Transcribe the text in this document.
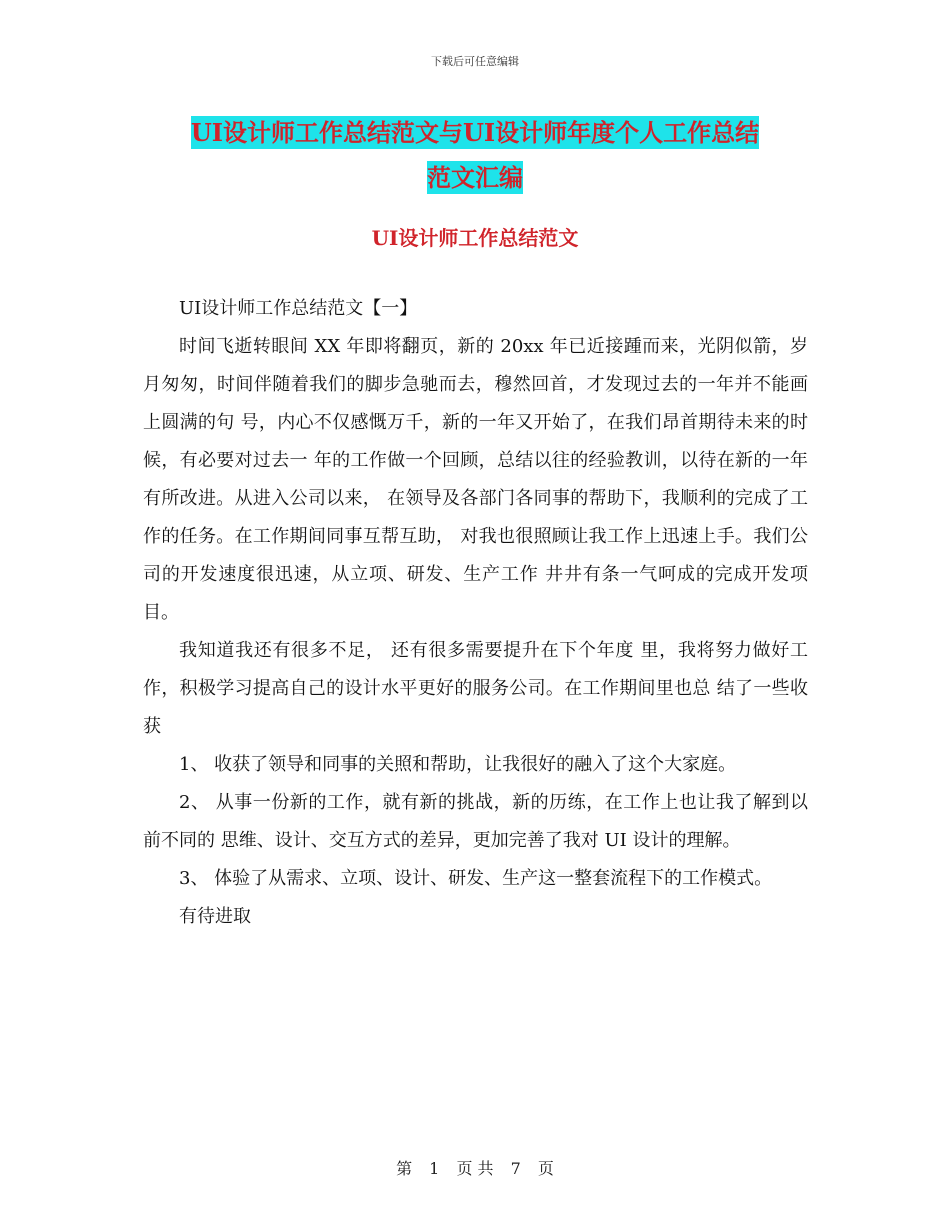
下载后可任意编辑
UI设计师工作总结范文与UI设计师年度个人工作总结
范文汇编
UI设计师工作总结范文

UI设计师工作总结范文【一】

时间飞逝转眼间 XX 年即将翻页，新的 20xx 年已近接踵而来，光阴似箭，岁月匆匆，时间伴随着我们的脚步急驰而去，穆然回首，才发现过去的一年并不能画上圆满的句 号，内心不仅感慨万千，新的一年又开始了，在我们昂首期待未来的时候，有必要对过去一 年的工作做一个回顾，总结以往的经验教训，以待在新的一年有所改进。从进入公司以来， 在领导及各部门各同事的帮助下，我顺利的完成了工作的任务。在工作期间同事互帮互助， 对我也很照顾让我工作上迅速上手。我们公司的开发速度很迅速，从立项、研发、生产工作 井井有条一气呵成的完成开发项目。

我知道我还有很多不足， 还有很多需要提升在下个年度 里，我将努力做好工作，积极学习提高自己的设计水平更好的服务公司。在工作期间里也总 结了一些收获

1、 收获了领导和同事的关照和帮助，让我很好的融入了这个大家庭。

2、 从事一份新的工作，就有新的挑战，新的历练，在工作上也让我了解到以前不同的 思维、设计、交互方式的差异，更加完善了我对 UI 设计的理解。

3、 体验了从需求、立项、设计、研发、生产这一整套流程下的工作模式。

有待进取

第 1 页 共 7 页
